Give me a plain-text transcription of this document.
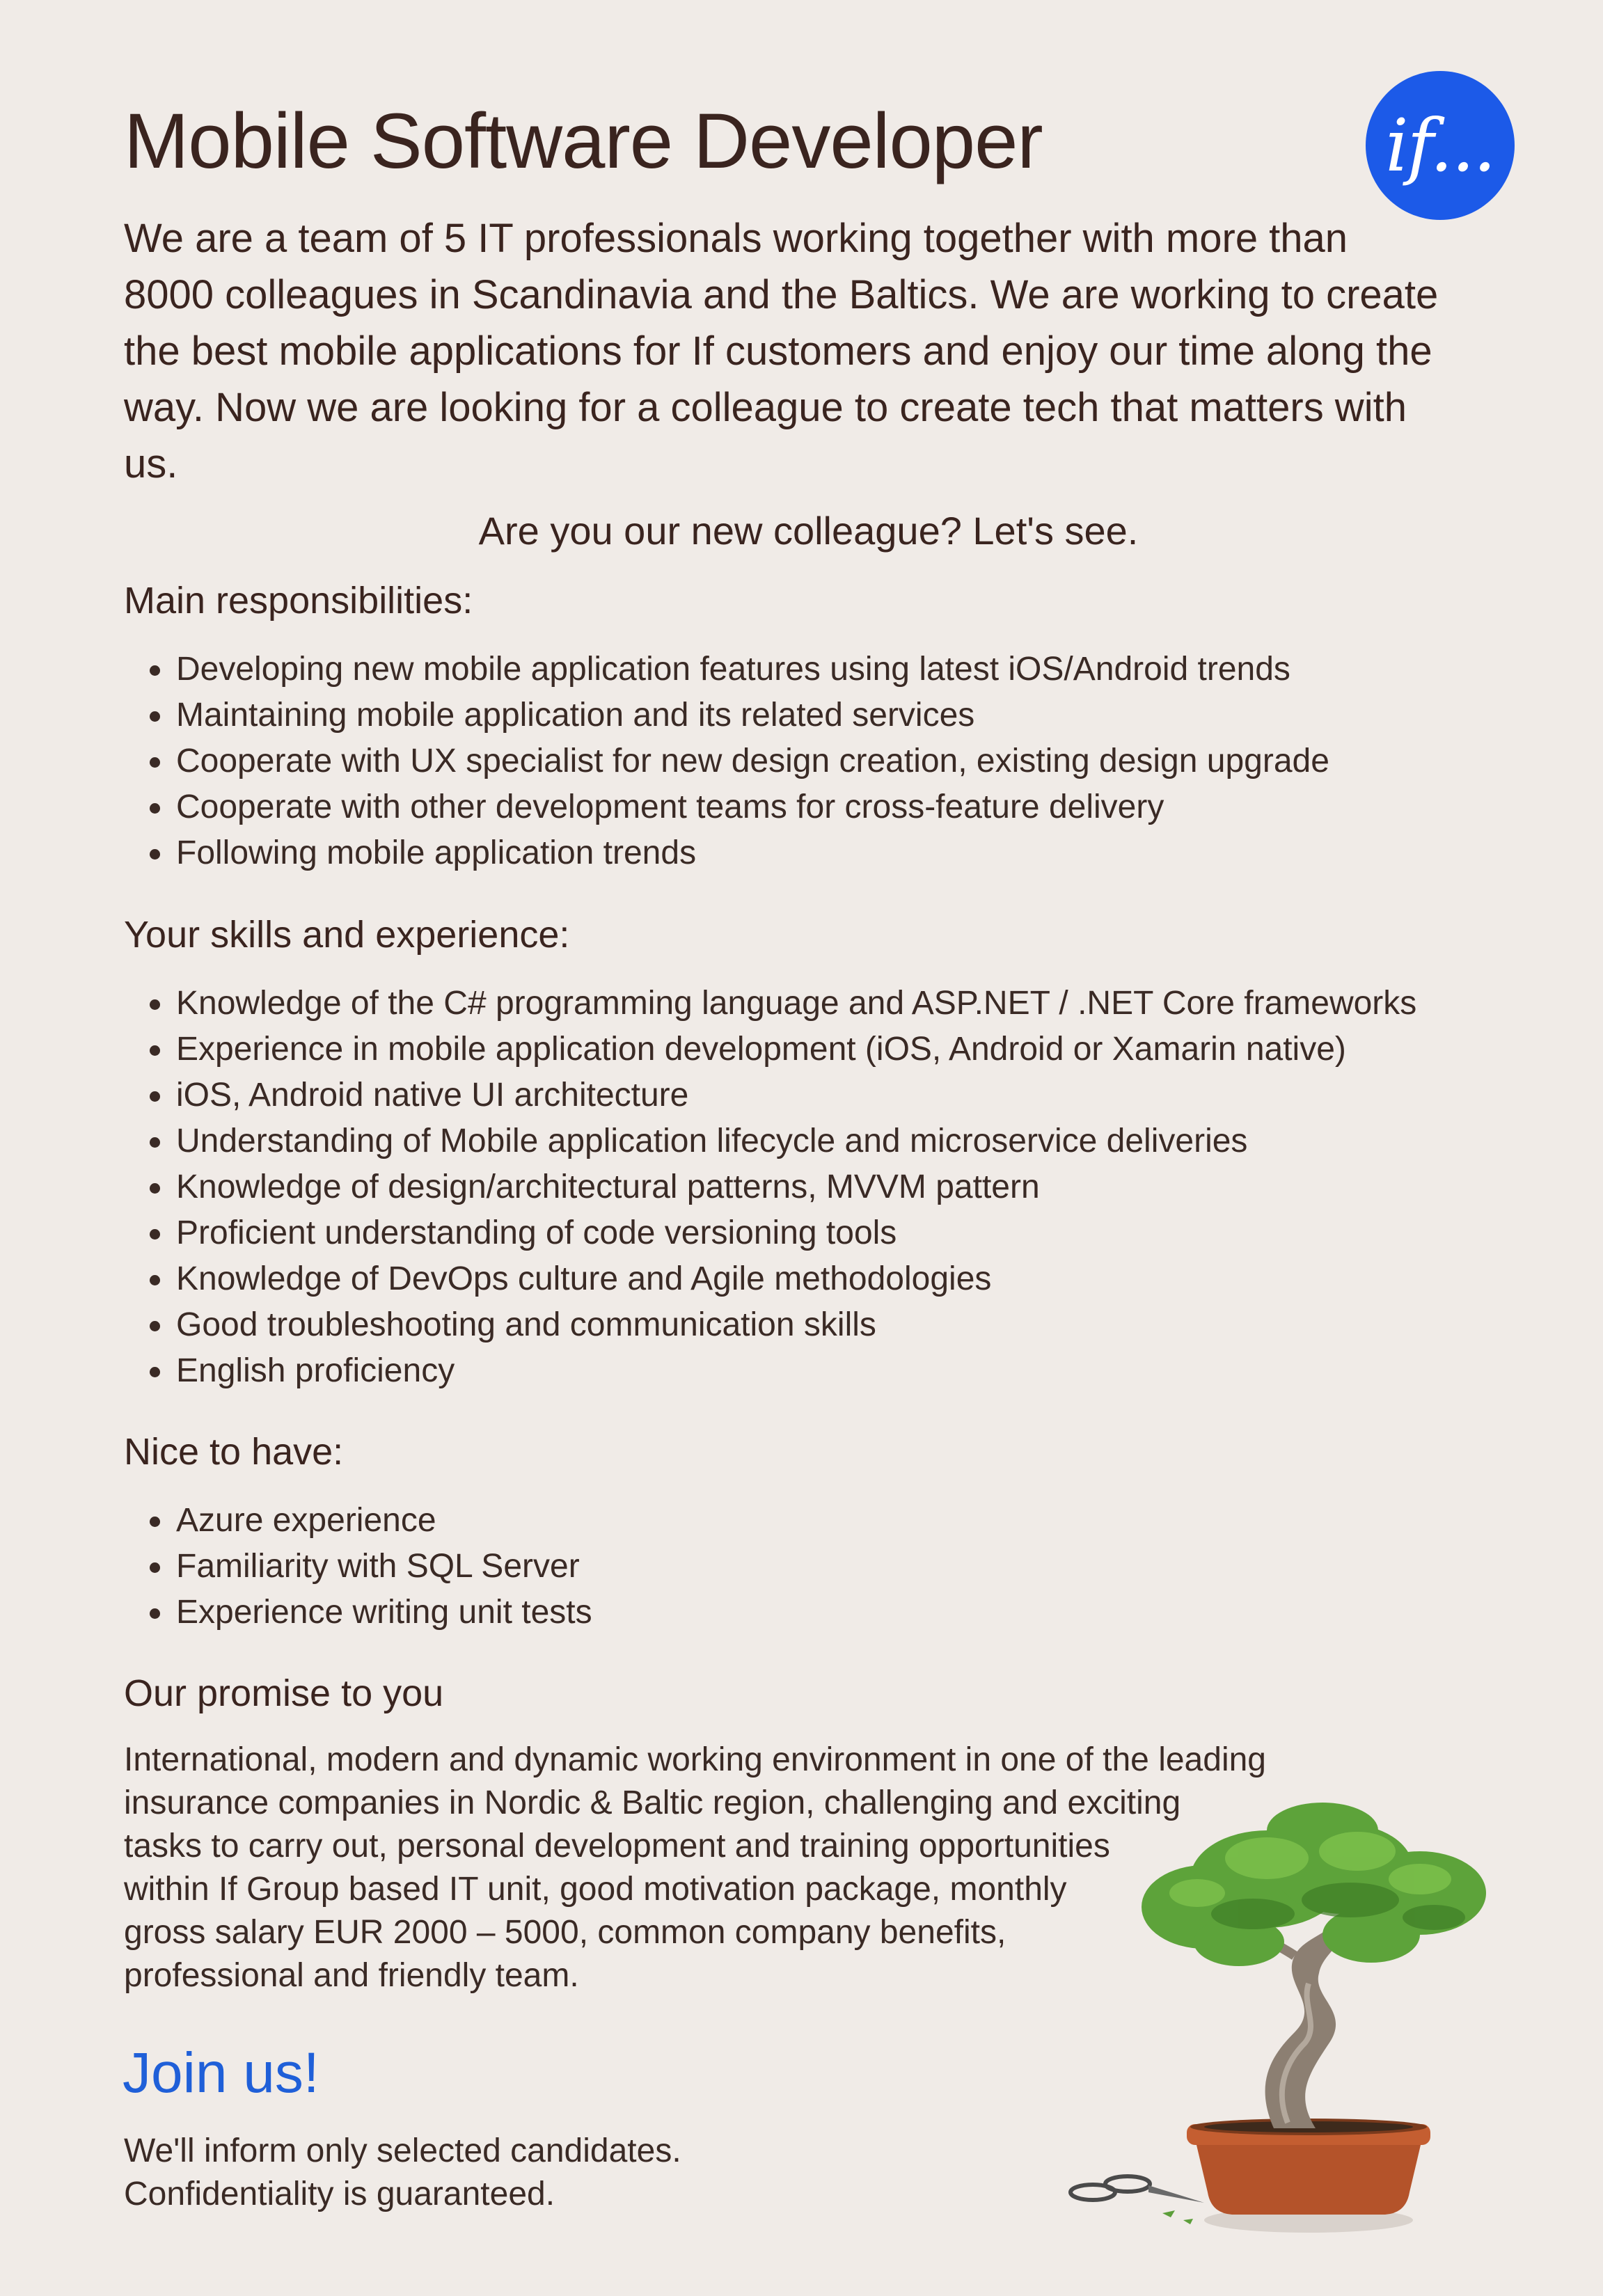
Mobile Software Developer	if...

We are a team of 5 IT professionals working together with more than 8000 colleagues in Scandinavia and the Baltics. We are working to create the best mobile applications for If customers and enjoy our time along the way. Now we are looking for a colleague to create tech that matters with us.

Are you our new colleague? Let's see.

Main responsibilities:
Developing new mobile application features using latest iOS/Android trends
Maintaining mobile application and its related services
Cooperate with UX specialist for new design creation, existing design upgrade
Cooperate with other development teams for cross-feature delivery
Following mobile application trends
Your skills and experience:
Knowledge of the C# programming language and ASP.NET / .NET Core frameworks
Experience in mobile application development (iOS, Android or Xamarin native)
iOS, Android native UI architecture
Understanding of Mobile application lifecycle and microservice deliveries
Knowledge of design/architectural patterns, MVVM pattern
Proficient understanding of code versioning tools
Knowledge of DevOps culture and Agile methodologies
Good troubleshooting and communication skills
English proficiency
Nice to have:
Azure experience
Familiarity with SQL Server
Experience writing unit tests
Our promise to you

International, modern and dynamic working environment in one of the leading
insurance companies in Nordic & Baltic region, challenging and exciting
tasks to carry out, personal development and training opportunities
within If Group based IT unit, good motivation package, monthly
gross salary EUR 2000 – 5000, common company benefits,
professional and friendly team.

Join us!

We'll inform only selected candidates.
Confidentiality is guaranteed.
